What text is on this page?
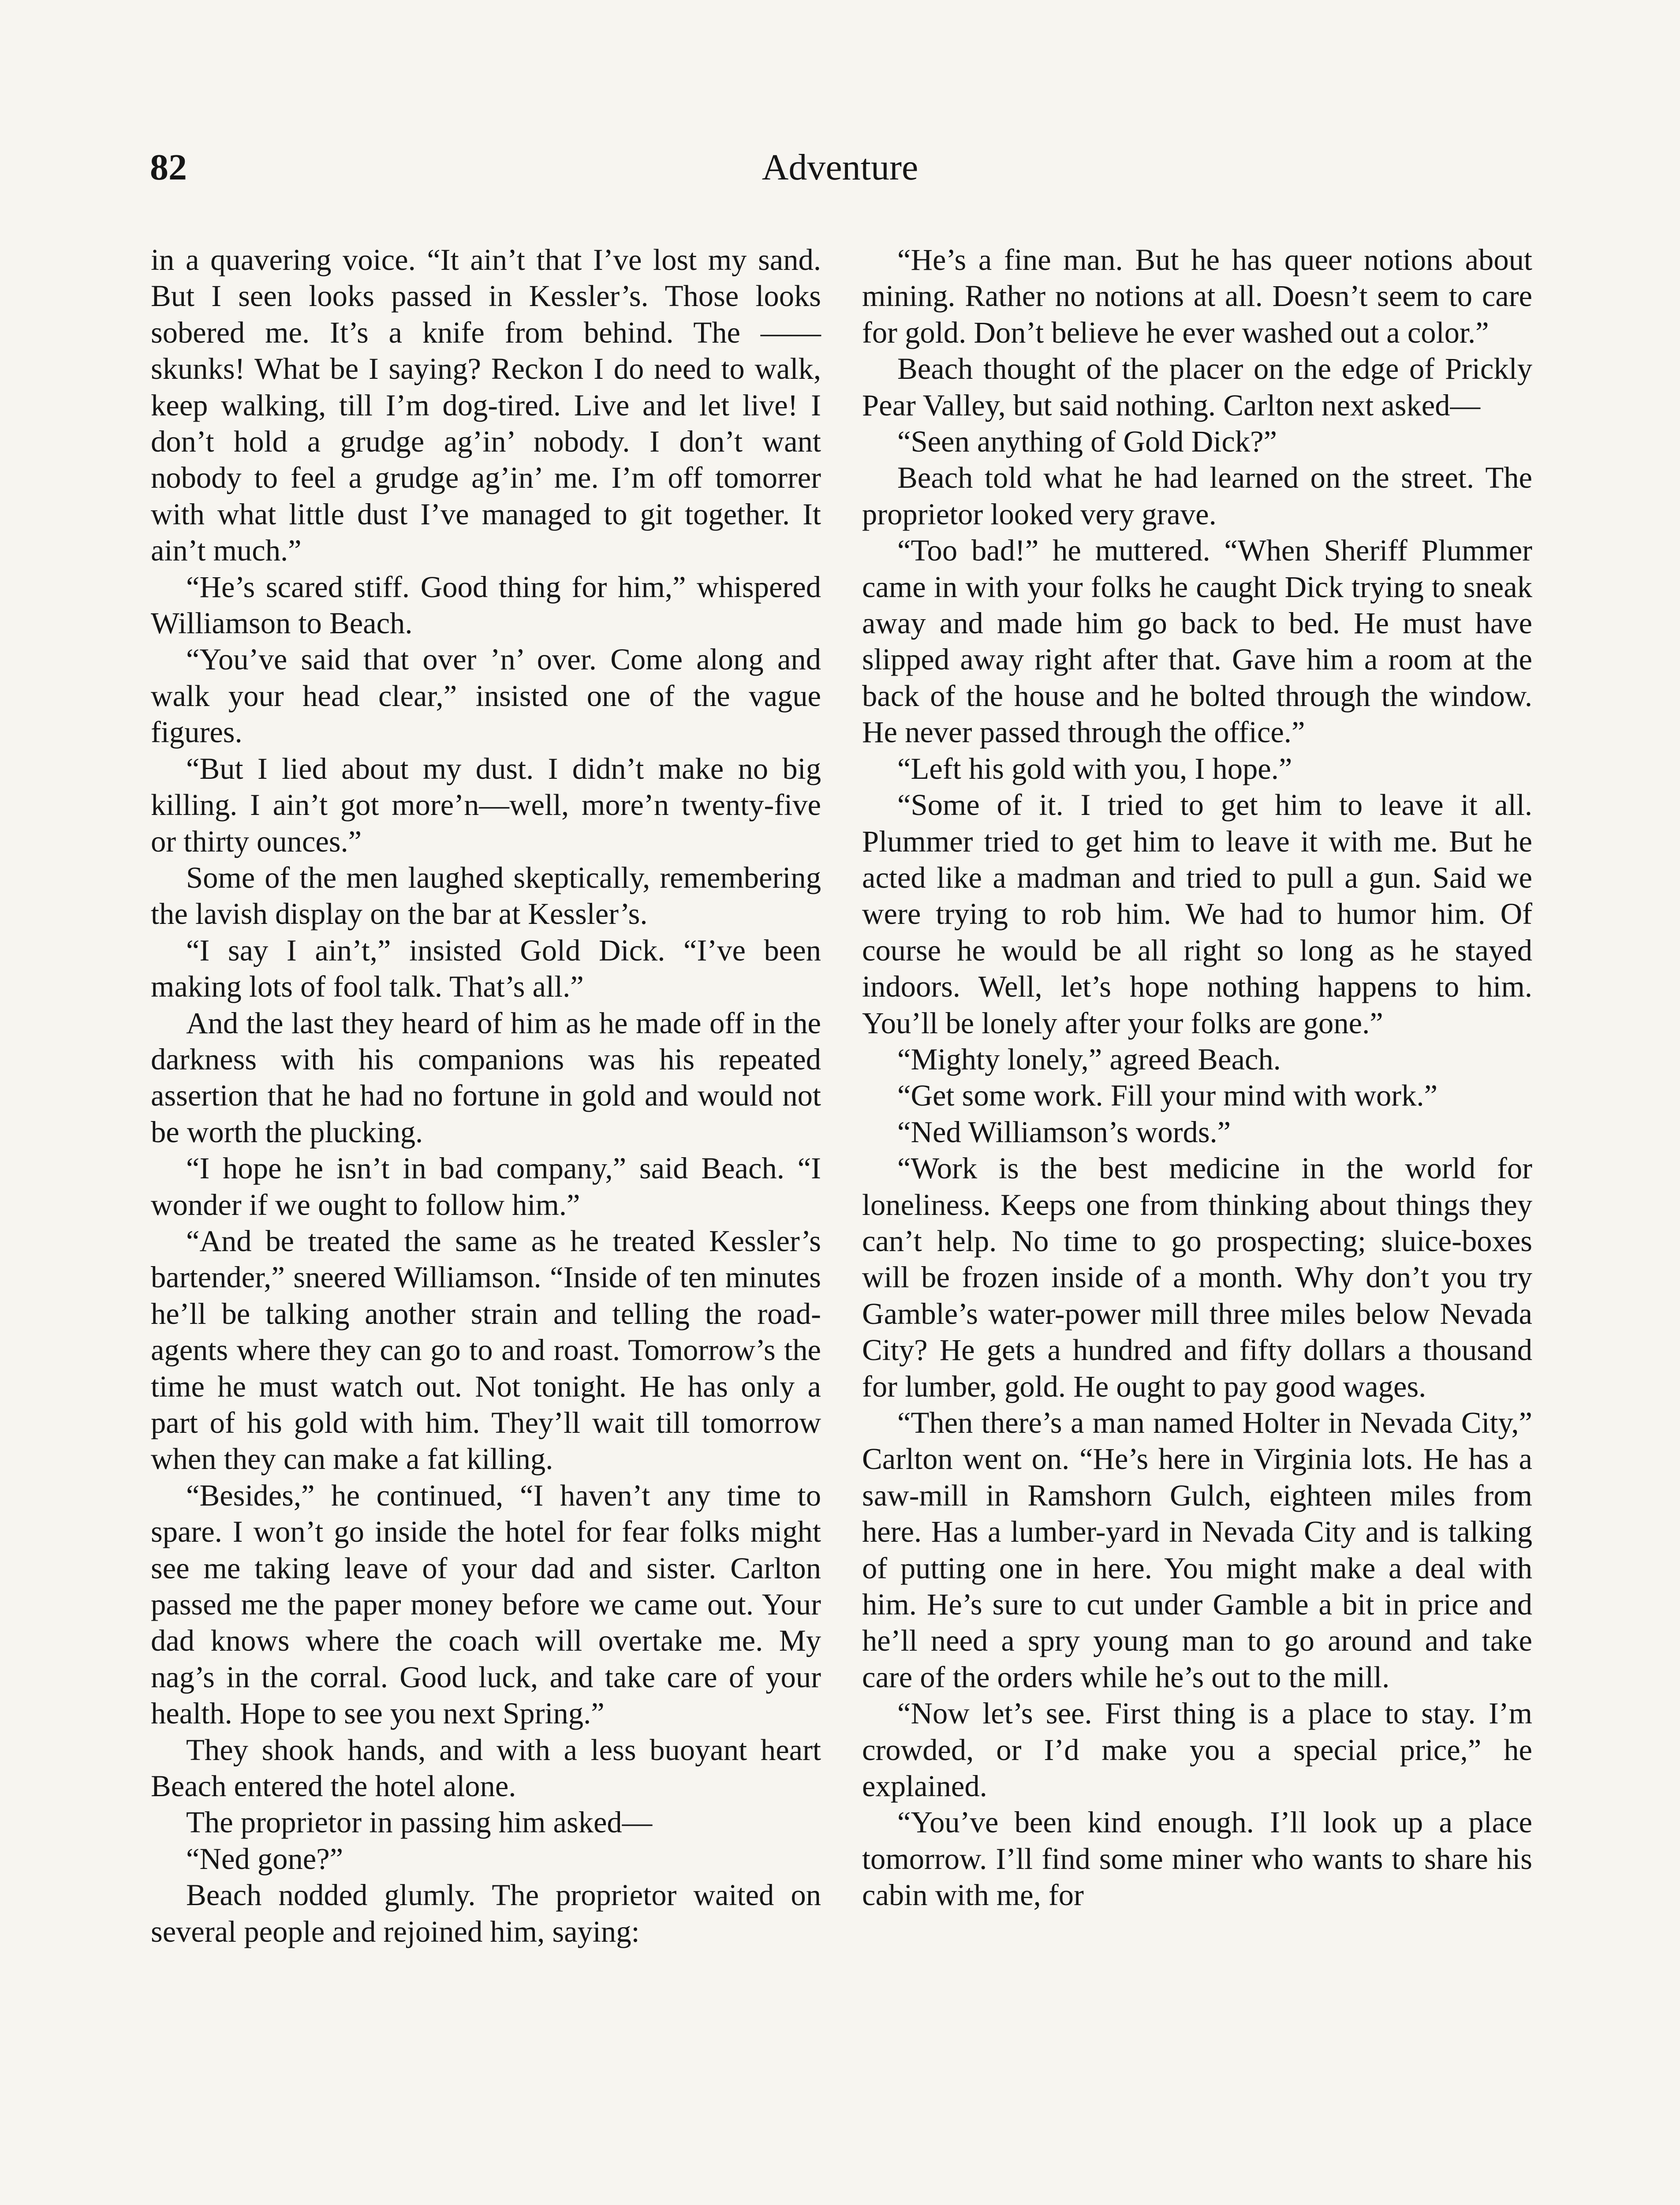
82	Adventure

in a quavering voice. “It ain’t that I’ve lost my sand. But I seen looks passed in Kessler’s. Those looks sobered me. It’s a knife from behind. The —— skunks! What be I saying? Reckon I do need to walk, keep walking, till I’m dog-tired. Live and let live! I don’t hold a grudge ag’in’ nobody. I don’t want nobody to feel a grudge ag’in’ me. I’m off tomorrer with what little dust I’ve managed to git together. It ain’t much.”

“He’s scared stiff. Good thing for him,” whispered Williamson to Beach.

“You’ve said that over ’n’ over. Come along and walk your head clear,” insisted one of the vague figures.

“But I lied about my dust. I didn’t make no big killing. I ain’t got more’n—well, more’n twenty-five or thirty ounces.”

Some of the men laughed skeptically, remembering the lavish display on the bar at Kessler’s.

“I say I ain’t,” insisted Gold Dick. “I’ve been making lots of fool talk. That’s all.”

And the last they heard of him as he made off in the darkness with his companions was his repeated assertion that he had no fortune in gold and would not be worth the plucking.

“I hope he isn’t in bad company,” said Beach. “I wonder if we ought to follow him.”

“And be treated the same as he treated Kessler’s bartender,” sneered Williamson. “Inside of ten minutes he’ll be talking another strain and telling the road-agents where they can go to and roast. Tomorrow’s the time he must watch out. Not tonight. He has only a part of his gold with him. They’ll wait till tomorrow when they can make a fat killing.

“Besides,” he continued, “I haven’t any time to spare. I won’t go inside the hotel for fear folks might see me taking leave of your dad and sister. Carlton passed me the paper money before we came out. Your dad knows where the coach will overtake me. My nag’s in the corral. Good luck, and take care of your health. Hope to see you next Spring.”

They shook hands, and with a less buoyant heart Beach entered the hotel alone.

The proprietor in passing him asked—

“Ned gone?”

Beach nodded glumly. The proprietor waited on several people and rejoined him, saying:

“He’s a fine man. But he has queer notions about mining. Rather no notions at all. Doesn’t seem to care for gold. Don’t believe he ever washed out a color.”

Beach thought of the placer on the edge of Prickly Pear Valley, but said nothing. Carlton next asked—

“Seen anything of Gold Dick?”

Beach told what he had learned on the street. The proprietor looked very grave.

“Too bad!” he muttered. “When Sheriff Plummer came in with your folks he caught Dick trying to sneak away and made him go back to bed. He must have slipped away right after that. Gave him a room at the back of the house and he bolted through the window. He never passed through the office.”

“Left his gold with you, I hope.”

“Some of it. I tried to get him to leave it all. Plummer tried to get him to leave it with me. But he acted like a madman and tried to pull a gun. Said we were trying to rob him. We had to humor him. Of course he would be all right so long as he stayed indoors. Well, let’s hope nothing happens to him. You’ll be lonely after your folks are gone.”

“Mighty lonely,” agreed Beach.

“Get some work. Fill your mind with work.”

“Ned Williamson’s words.”

“Work is the best medicine in the world for loneliness. Keeps one from thinking about things they can’t help. No time to go prospecting; sluice-boxes will be frozen inside of a month. Why don’t you try Gamble’s water-power mill three miles below Nevada City? He gets a hundred and fifty dollars a thousand for lumber, gold. He ought to pay good wages.

“Then there’s a man named Holter in Nevada City,” Carlton went on. “He’s here in Virginia lots. He has a saw-mill in Ramshorn Gulch, eighteen miles from here. Has a lumber-yard in Nevada City and is talking of putting one in here. You might make a deal with him. He’s sure to cut under Gamble a bit in price and he’ll need a spry young man to go around and take care of the orders while he’s out to the mill.

“Now let’s see. First thing is a place to stay. I’m crowded, or I’d make you a special price,” he explained.

“You’ve been kind enough. I’ll look up a place tomorrow. I’ll find some miner who wants to share his cabin with me, for
